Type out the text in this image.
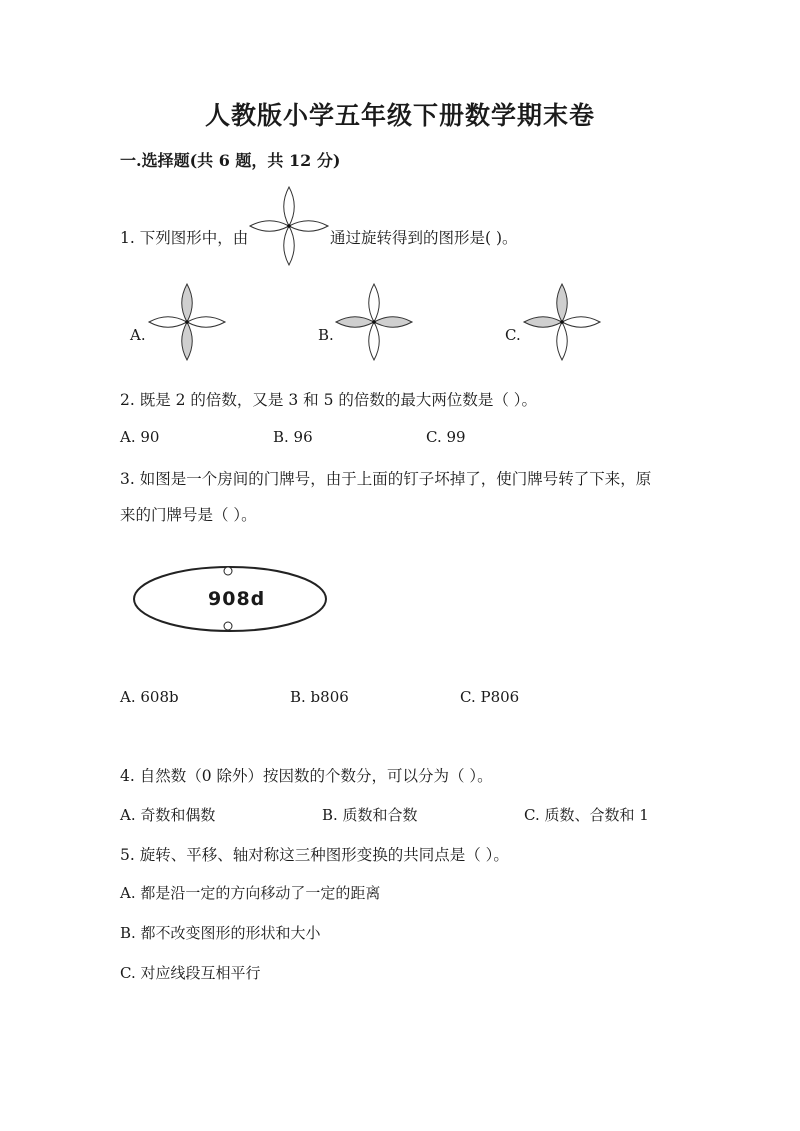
人教版小学五年级下册数学期末卷
一.选择题(共 6 题，共 12 分)
1. 下列图形中，由	通过旋转得到的图形是( )。
A.	B.	C.
2. 既是 2 的倍数，又是 3 和 5 的倍数的最大两位数是（ ）。
A. 90	B. 96	C. 99
3. 如图是一个房间的门牌号，由于上面的钉子坏掉了，使门牌号转了下来，原
来的门牌号是（ ）。
908d
A. 608b	B. b806	C. P806
4. 自然数（0 除外）按因数的个数分，可以分为（ ）。
A. 奇数和偶数	B. 质数和合数	C. 质数、合数和 1
5. 旋转、平移、轴对称这三种图形变换的共同点是（ ）。
A. 都是沿一定的方向移动了一定的距离
B. 都不改变图形的形状和大小
C. 对应线段互相平行
